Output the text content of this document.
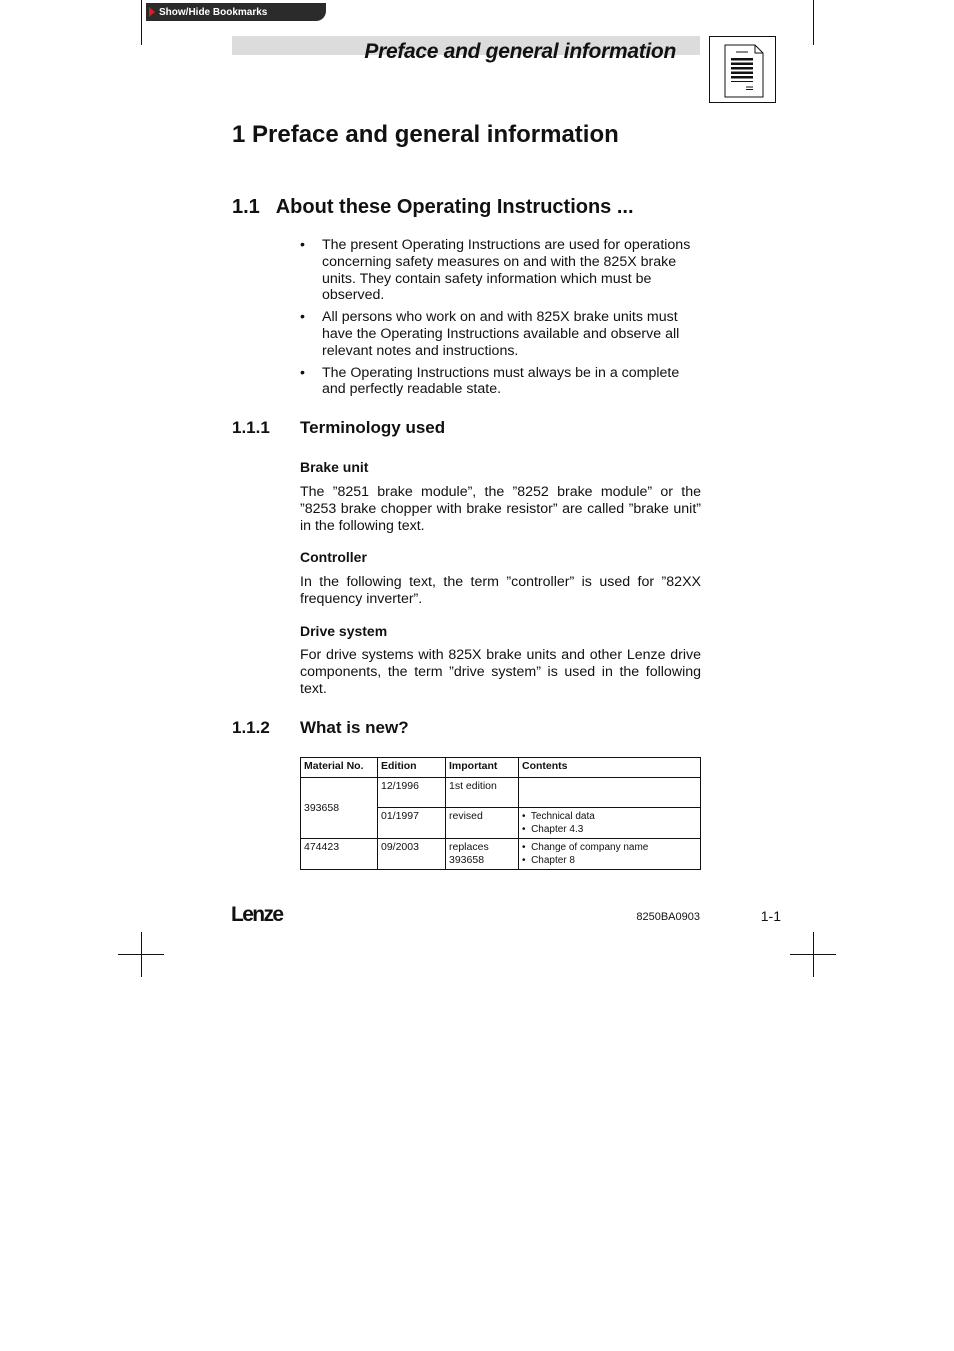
Show/Hide Bookmarks
Preface and general information
1 Preface and general information
1.1   About these Operating Instructions ...
• The present Operating Instructions are used for operations concerning safety measures on and with the 825X brake units. They contain safety information which must be observed.
• All persons who work on and with 825X brake units must have the Operating Instructions available and observe all relevant notes and instructions.
• The Operating Instructions must always be in a complete and perfectly readable state.
1.1.1 Terminology used
Brake unit

The ”8251 brake module”, the ”8252 brake module” or the ”8253 brake chopper with brake resistor” are called ”brake unit” in the following text.

Controller

In the following text, the term ”controller” is used for ”82XX frequency inverter”.

Drive system

For drive systems with 825X brake units and other Lenze drive components, the term ”drive system” is used in the following text.

1.1.2 What is new?
Material No.	Edition	Important	Contents
393658	12/1996	1st edition	
	01/1997	revised	•  Technical data
•  Chapter 4.3

474423	09/2003	replaces 393658	•  Change of company name
•  Chapter 8
Lenze	8250BA0903	1-1
